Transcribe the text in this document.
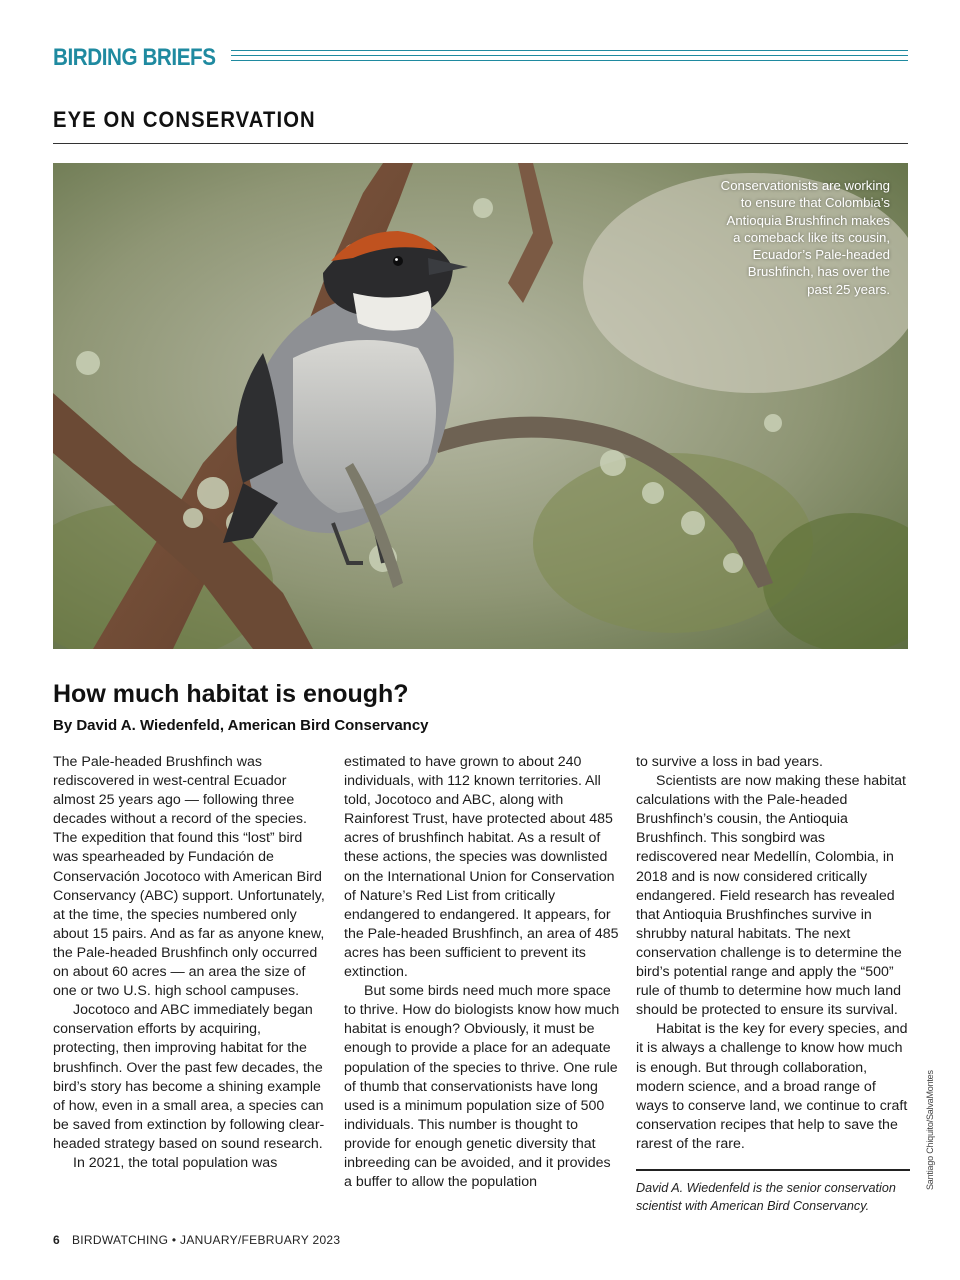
BIRDING BRIEFS
EYE ON CONSERVATION
Conservationists are working to ensure that Colombia’s Antioquia Brushfinch makes a comeback like its cousin, Ecuador’s Pale-headed Brushfinch, has over the past 25 years.
How much habitat is enough?
By David A. Wiedenfeld, American Bird Conservancy

The Pale-headed Brushfinch was rediscovered in west-central Ecuador almost 25 years ago — following three decades without a record of the species. The expedition that found this “lost” bird was spearheaded by Fundación de Conservación Jocotoco with American Bird Conservancy (ABC) support. Unfortunately, at the time, the species numbered only about 15 pairs. And as far as anyone knew, the Pale-headed Brushfinch only occurred on about 60 acres — an area the size of one or two U.S. high school campuses.

Jocotoco and ABC immediately began conservation efforts by acquiring, protecting, then improving habitat for the brushfinch. Over the past few decades, the bird’s story has become a shining example of how, even in a small area, a species can be saved from extinction by following clear-headed strategy based on sound research.

In 2021, the total population was

estimated to have grown to about 240 individuals, with 112 known territories. All told, Jocotoco and ABC, along with Rainforest Trust, have protected about 485 acres of brushfinch habitat. As a result of these actions, the species was downlisted on the International Union for Conservation of Nature’s Red List from critically endangered to endangered. It appears, for the Pale-headed Brushfinch, an area of 485 acres has been sufficient to prevent its extinction.

But some birds need much more space to thrive. How do biologists know how much habitat is enough? Obviously, it must be enough to provide a place for an adequate population of the species to thrive. One rule of thumb that conservationists have long used is a minimum population size of 500 individuals. This number is thought to provide for enough genetic diversity that inbreeding can be avoided, and it provides a buffer to allow the population

to survive a loss in bad years.

Scientists are now making these habitat calculations with the Pale-headed Brushfinch’s cousin, the Antioquia Brushfinch. This songbird was rediscovered near Medellín, Colombia, in 2018 and is now considered critically endangered. Field research has revealed that Antioquia Brushfinches survive in shrubby natural habitats. The next conservation challenge is to determine the bird’s potential range and apply the “500” rule of thumb to determine how much land should be protected to ensure its survival.

Habitat is the key for every species, and it is always a challenge to know how much is enough. But through collaboration, modern science, and a broad range of ways to conserve land, we continue to craft conservation recipes that help to save the rarest of the rare.

David A. Wiedenfeld is the senior conservation scientist with American Bird Conservancy.

Santiago Chiquito/SalvaMontes
6 BIRDWATCHING • JANUARY/FEBRUARY 2023
